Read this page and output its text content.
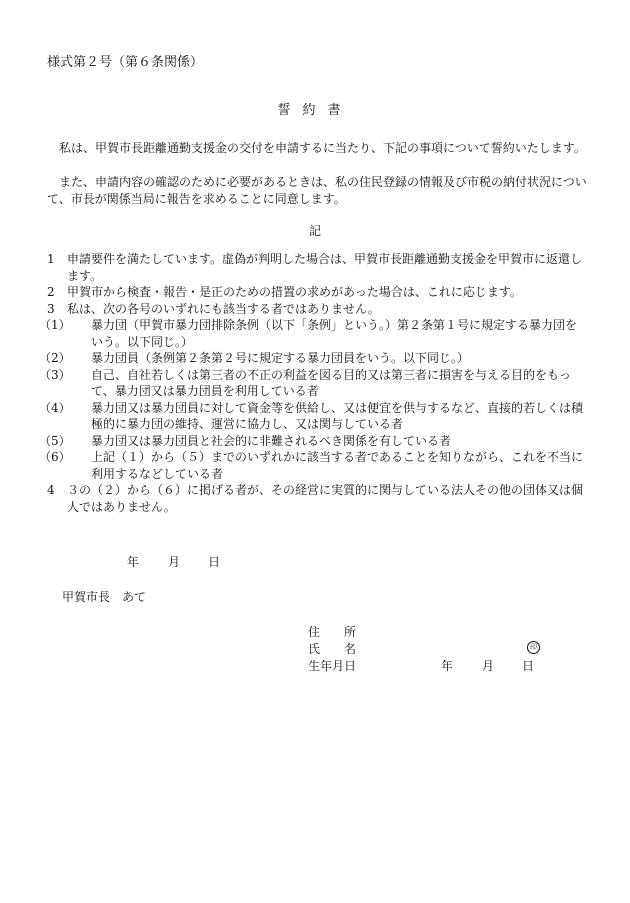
様式第２号（第６条関係）
誓約書
　私は、甲賀市長距離通勤支援金の交付を申請するに当たり、下記の事項について誓約いたします。
　また、申請内容の確認のために必要があるときは、私の住民登録の情報及び市税の納付状況について、市長が関係当局に報告を求めることに同意します。
記
1	申請要件を満たしています。虚偽が判明した場合は、甲賀市長距離通勤支援金を甲賀市に返還します。
2	甲賀市から検査・報告・是正のための措置の求めがあった場合は、これに応じます。
3	私は、次の各号のいずれにも該当する者ではありません。
（1）	暴力団（甲賀市暴力団排除条例（以下「条例」という。）第２条第１号に規定する暴力団をいう。以下同じ。）
（2）	暴力団員（条例第２条第２号に規定する暴力団員をいう。以下同じ。）
（3）	自己、自社若しくは第三者の不正の利益を図る目的又は第三者に損害を与える目的をもって、暴力団又は暴力団員を利用している者
（4）	暴力団又は暴力団員に対して資金等を供給し、又は便宜を供与するなど、直接的若しくは積極的に暴力団の維持、運営に協力し、又は関与している者
（5）	暴力団又は暴力団員と社会的に非難されるべき関係を有している者
（6）	上記（１）から（５）までのいずれかに該当する者であることを知りながら、これを不当に利用するなどしている者
4	３の（２）から（６）に掲げる者が、その経営に実質的に関与している法人その他の団体又は個人ではありません。
年 月 日
甲賀市長　あて
住　　所
氏　　名	印
生年月日	年 月 日
